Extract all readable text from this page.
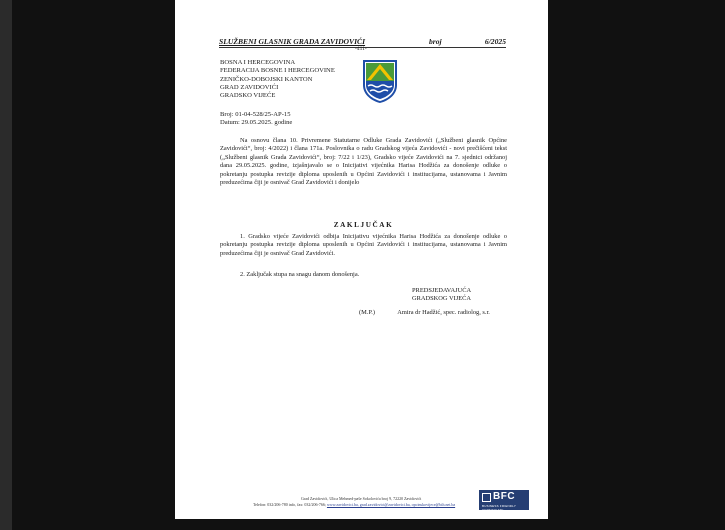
SLUŽBENI GLASNIK GRADA ZAVIDOVIĆI	broj	6/2025
-411-
BOSNA I HERCEGOVINA
FEDERACIJA BOSNE I HERCEGOVINE
ZENIČKO-DOBOJSKI KANTON
GRAD ZAVIDOVIĆI
GRADSKO VIJEĆE
Broj: 01-04-528/25-AP-15
Datum: 29.05.2025. godine
Na osnovu člana 10. Privremene Statutarne Odluke Grada Zavidovići („Službeni glasnik Općine Zavidovići“, broj: 4/2022) i člana 171a. Poslovnika o radu Gradskog vijeća Zavidovići - novi prečišćeni tekst („Službeni glasnik Grada Zavidovići“, broj: 7/22 i 1/23), Gradsko vijeće Zavidovići na 7. sjednici održanoj dana 29.05.2025. godine, izjašnjavalo se o Inicijativi vijećnika Harisa Hodžića za donošenje odluke o pokretanju postupka revizije diploma uposlenih u Općini Zavidovići i institucijama, ustanovama i Javnim preduzećima čiji je osnivač Grad Zavidovići i donijelo
ZAKLJUČAK
1. Gradsko vijeće Zavidovići odbija Inicijativu vijećnika Harisa Hodžića za donošenje odluke o pokretanju postupka revizije diploma uposlenih u Općini Zavidovići i institucijama, ustanovama i Javnim preduzećima čiji je osnivač Grad Zavidovići.
2. Zaključak stupa na snagu danom donošenja.
PREDSJEDAVAJUĆA
GRADSKOG VIJEĆA
(M.P.)	Amira dr Hadžić, spec. radiolog, s.r.
Grad Zavidovići, Ulica Mehmed-paše Sokolovića broj 9, 72220 Zavidovići
Telefon: 032/206-780 info, fax: 032/206-766; www.zavidovici.ba, grad.zavidovici@zavidovici.ba, opcinskovijece@bih.net.ba
BFC
BUSINESS FRIENDLY CERTIFICATE
